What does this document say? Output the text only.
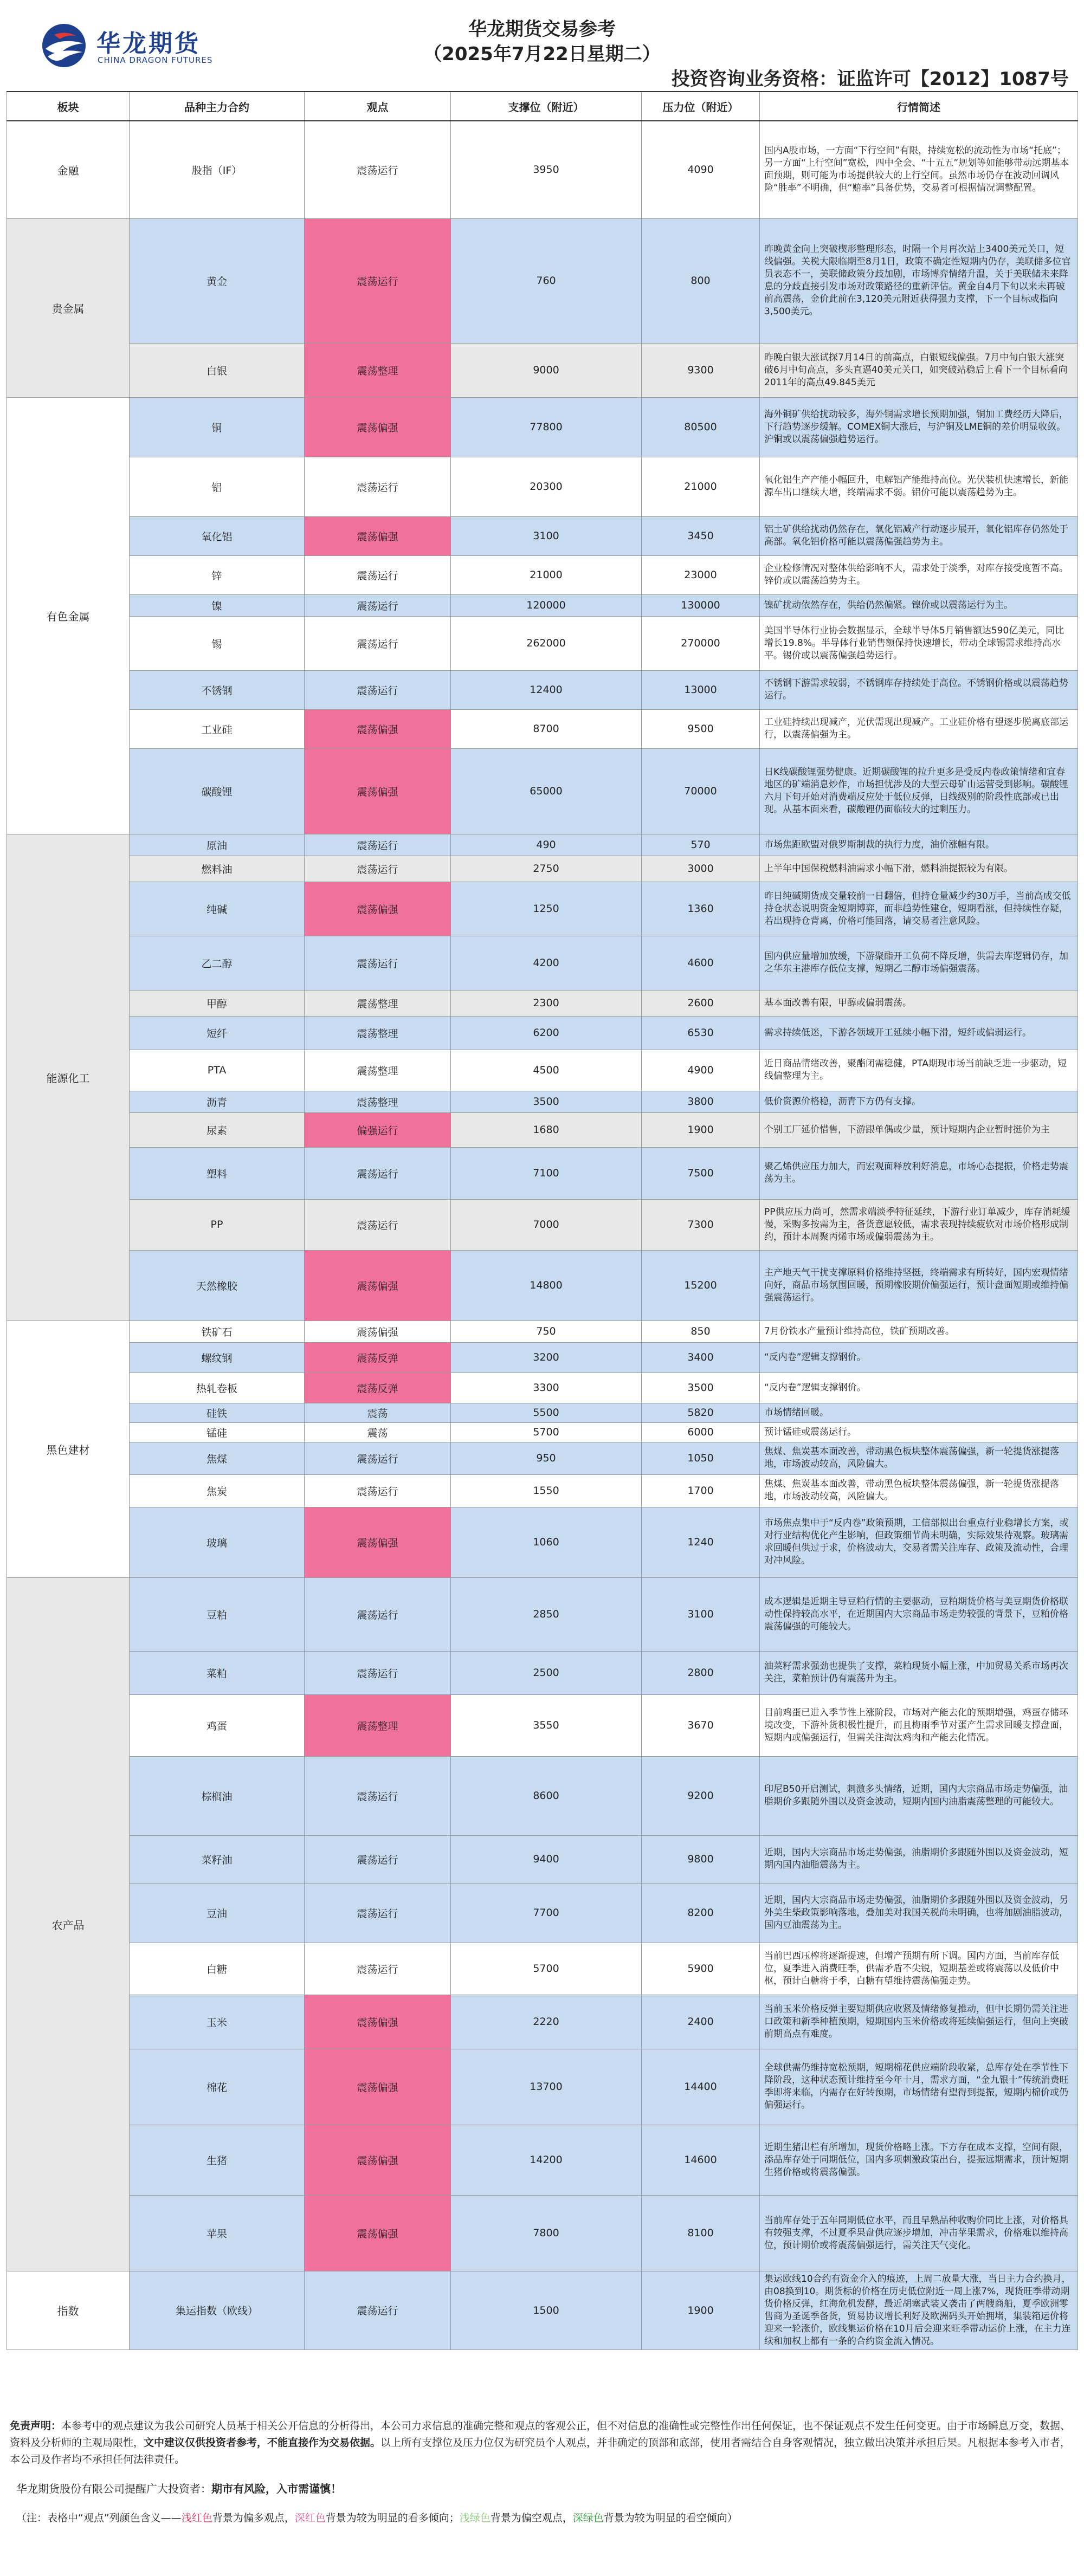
华龙期货
CHINA DRAGON FUTURES
华龙期货交易参考
（2025年7月22日星期二）
投资咨询业务资格：证监许可【2012】1087号
板块	品种主力合约	观点	支撑位（附近）	压力位（附近）	行情简述
金融	股指（IF）	震荡运行	3950	4090	国内A股市场，一方面“下行空间”有限，持续宽松的流动性为市场“托底”；另一方面“上行空间”宽松，四中全会、“十五五”规划等如能够带动远期基本面预期，则可能为市场提供较大的上行空间。虽然市场仍存在波动回调风险“胜率”不明确，但“赔率”具备优势，交易者可根据情况调整配置。
贵金属	黄金	震荡运行	760	800	昨晚黄金向上突破楔形整理形态，时隔一个月再次站上3400美元关口，短线偏强。关税大限临期至8月1日，政策不确定性短期内仍存，美联储多位官员表态不一，美联储政策分歧加剧，市场博弈情绪升温，关于美联储未来降息的分歧直接引发市场对政策路径的重新评估。黄金自4月下旬以来未再破前高震荡，金价此前在3,120美元附近获得强力支撑，下一个目标或指向3,500美元。
	白银	震荡整理	9000	9300	昨晚白银大涨试探7月14日的前高点，白银短线偏强。7月中旬白银大涨突破6月中旬高点，多头直逼40美元关口，如突破站稳后上看下一个目标看向2011年的高点49.845美元
有色金属	铜	震荡偏强	77800	80500	海外铜矿供给扰动较多，海外铜需求增长预期加强，铜加工费经历大降后，下行趋势逐步缓解。COMEX铜大涨后，与沪铜及LME铜的差价明显收敛。沪铜或以震荡偏强趋势运行。
	铝	震荡运行	20300	21000	氧化铝生产产能小幅回升，电解铝产能维持高位。光伏装机快速增长，新能源车出口继续大增，终端需求不弱。铝价可能以震荡趋势为主。
	氧化铝	震荡偏强	3100	3450	铝土矿供给扰动仍然存在，氧化铝减产行动逐步展开，氧化铝库存仍然处于高部。氧化铝价格可能以震荡偏强趋势为主。
	锌	震荡运行	21000	23000	企业检修情况对整体供给影响不大，需求处于淡季，对库存接受度暂不高。锌价或以震荡趋势为主。
	镍	震荡运行	120000	130000	镍矿扰动依然存在，供给仍然偏紧。镍价或以震荡运行为主。
	锡	震荡运行	262000	270000	美国半导体行业协会数据显示，全球半导体5月销售额达590亿美元，同比增长19.8%。半导体行业销售额保持快速增长，带动全球锡需求维持高水平。锡价或以震荡偏强趋势运行。
	不锈钢	震荡运行	12400	13000	不锈钢下游需求较弱，不锈钢库存持续处于高位。不锈钢价格或以震荡趋势运行。
	工业硅	震荡偏强	8700	9500	工业硅持续出现减产，光伏需现出现减产。工业硅价格有望逐步脱离底部运行，以震荡偏强为主。
	碳酸锂	震荡偏强	65000	70000	日K线碳酸锂强势健康。近期碳酸锂的拉升更多是受反内卷政策情绪和宜春地区的矿端消息炒作，市场担忧涉及的大型云母矿山运营受到影响。碳酸锂六月下旬开始对消费端反应处于低位反弹，日线级别的阶段性底部或已出现。从基本面来看，碳酸锂仍面临较大的过剩压力。
能源化工	原油	震荡运行	490	570	市场焦距欧盟对俄罗斯制裁的执行力度，油价涨幅有限。
	燃料油	震荡运行	2750	3000	上半年中国保税燃料油需求小幅下滑，燃料油提振较为有限。
	纯碱	震荡偏强	1250	1360	昨日纯碱期货成交量较前一日翻倍，但持仓量减少约30万手，当前高成交低持仓状态说明资金短期博弈，而非趋势性建仓，短期看涨，但持续性存疑，若出现持仓背离，价格可能回落，请交易者注意风险。
	乙二醇	震荡运行	4200	4600	国内供应量增加放缓，下游聚酯开工负荷不降反增，供需去库逻辑仍存，加之华东主港库存低位支撑，短期乙二醇市场偏强震荡。
	甲醇	震荡整理	2300	2600	基本面改善有限，甲醇或偏弱震荡。
	短纤	震荡整理	6200	6530	需求持续低迷，下游各领域开工延续小幅下滑，短纤或偏弱运行。
	PTA	震荡整理	4500	4900	近日商品情绪改善，聚酯闭需稳健，PTA期现市场当前缺乏进一步驱动，短线偏整理为主。
	沥青	震荡整理	3500	3800	低价资源价格稳，沥青下方仍有支撑。
	尿素	偏强运行	1680	1900	个别工厂延价惜售，下游跟单偶或少量，预计短期内企业暂时挺价为主
	塑料	震荡运行	7100	7500	聚乙烯供应压力加大，而宏观面释放利好消息，市场心态提振，价格走势震荡为主。
	PP	震荡运行	7000	7300	PP供应压力尚可，然需求端淡季特征延续，下游行业订单减少，库存消耗缓慢，采购多按需为主，备货意愿较低，需求表现持续疲软对市场价格形成制约，预计本周聚丙烯市场或偏弱震荡为主。
	天然橡胶	震荡偏强	14800	15200	主产地天气干扰支撑原料价格维持坚挺，终端需求有所转好，国内宏观情绪向好，商品市场氛围回暖，预期橡胶期价偏强运行，预计盘面短期或维持偏强震荡运行。
黑色建材	铁矿石	震荡偏强	750	850	7月份铁水产量预计维持高位，铁矿预期改善。
	螺纹钢	震荡反弹	3200	3400	“反内卷”逻辑支撑钢价。
	热轧卷板	震荡反弹	3300	3500	“反内卷”逻辑支撑钢价。
	硅铁	震荡	5500	5820	市场情绪回暖。
	锰硅	震荡	5700	6000	预计锰硅或震荡运行。
	焦煤	震荡运行	950	1050	焦煤、焦炭基本面改善，带动黑色板块整体震荡偏强，新一轮提货涨提落地，市场波动较高，风险偏大。
	焦炭	震荡运行	1550	1700	焦煤、焦炭基本面改善，带动黑色板块整体震荡偏强，新一轮提货涨提落地，市场波动较高，风险偏大。
	玻璃	震荡偏强	1060	1240	市场焦点集中于“反内卷”政策预期，工信部拟出台重点行业稳增长方案，或对行业结构优化产生影响，但政策细节尚未明确，实际效果待观察。玻璃需求回暖但供过于求，价格波动大，交易者需关注库存、政策及流动性，合理对冲风险。
农产品	豆粕	震荡运行	2850	3100	成本逻辑是近期主导豆粕行情的主要驱动，豆粕期货价格与美豆期货价格联动性保持较高水平，在近期国内大宗商品市场走势较强的背景下，豆粕价格震荡偏强的可能较大。
	菜粕	震荡运行	2500	2800	油菜籽需求强劲也提供了支撑，菜粕现货小幅上涨，中加贸易关系市场再次关注，菜粕预计仍有震荡升为主。
	鸡蛋	震荡整理	3550	3670	目前鸡蛋已进入季节性上涨阶段，市场对产能去化的预期增强，鸡蛋存储环境改变，下游补货积极性提升，而且梅雨季节对蛋产生需求回暖支撑盘面，短期内或偏强运行，但需关注淘汰鸡肉和产能去化情况。
	棕榈油	震荡运行	8600	9200	印尼B50开启测试，刺激多头情绪，近期，国内大宗商品市场走势偏强，油脂期价多跟随外围以及资金波动，短期内国内油脂震荡整理的可能较大。
	菜籽油	震荡运行	9400	9800	近期，国内大宗商品市场走势偏强，油脂期价多跟随外围以及资金波动，短期内国内油脂震荡为主。
	豆油	震荡运行	7700	8200	近期，国内大宗商品市场走势偏强，油脂期价多跟随外围以及资金波动，另外美生柴政策影响落地，叠加美对我国关税尚未明确，也将加剧油脂波动，国内豆油震荡为主。
	白糖	震荡运行	5700	5900	当前巴西压榨将逐渐提速，但增产预期有所下调。国内方面，当前库存低位，夏季进入消费旺季，供需矛盾不尖锐，短期基差或将震荡以及低价中枢，预计白糖将于季，白糖有望维持震荡偏强走势。
	玉米	震荡偏强	2220	2400	当前玉米价格反弹主要短期供应收紧及情绪修复推动，但中长期仍需关注进口政策和新季种植预期，短期国内玉米价格或将延续偏强运行，但向上突破前期高点有难度。
	棉花	震荡偏强	13700	14400	全球供需仍维持宽松预期，短期棉花供应端阶段收紧，总库存处在季节性下降阶段，这种状态预计维持至今年十月，需求方面，“金九银十”传统消费旺季即将来临，内需存在好转预期，市场情绪有望得到提振，短期内棉价或仍偏强运行。
	生猪	震荡偏强	14200	14600	近期生猪出栏有所增加，现货价格略上涨。下方存在成本支撑，空间有限，添品库存处于同期低位，国内多项刺激政策出台，提振远期需求，预计短期生猪价格或将震荡偏强。
	苹果	震荡偏强	7800	8100	当前库存处于五年同期低位水平，而且早熟品种收购价同比上涨，对价格具有较强支撑，不过夏季果盘供应逐步增加，冲击苹果需求，价格难以维持高位，预计期价或将震荡偏强运行，需关注天气变化。
指数	集运指数（欧线）	震荡运行	1500	1900	集运欧线10合约有资金介入的痕迹，上周二放量大涨，当日主力合约换月，由08换到10。期货标的价格在历史低位附近一周上涨7%，现货旺季带动期货价格反弹，红海危机发酵，最近胡塞武装又袭击了两艘商船，夏季欧洲零售商为圣诞季备货，贸易协议增长利好及欧洲码头开始拥堵，集装箱运价将迎来一轮涨价，欧线集运价格在10月后会迎来旺季带动运价上涨，在主力连续和加权上都有一条的合约资金流入情况。
免责声明：本参考中的观点建议为我公司研究人员基于相关公开信息的分析得出，本公司力求信息的准确完整和观点的客观公正，但不对信息的准确性或完整性作出任何保证，也不保证观点不发生任何变更。由于市场瞬息万变，数据、资料及分析师的主观局限性，文中建议仅供投资者参考，不能直接作为交易依据。以上所有支撑位及压力位仅为研究员个人观点，并非确定的顶部和底部，使用者需结合自身客观情况，独立做出决策并承担后果。凡根据本参考入市者，本公司及作者均不承担任何法律责任。
华龙期货股份有限公司提醒广大投资者：期市有风险，入市需谨慎！
（注：表格中“观点”列颜色含义——浅红色背景为偏多观点，深红色背景为较为明显的看多倾向；浅绿色背景为偏空观点，深绿色背景为较为明显的看空倾向）
